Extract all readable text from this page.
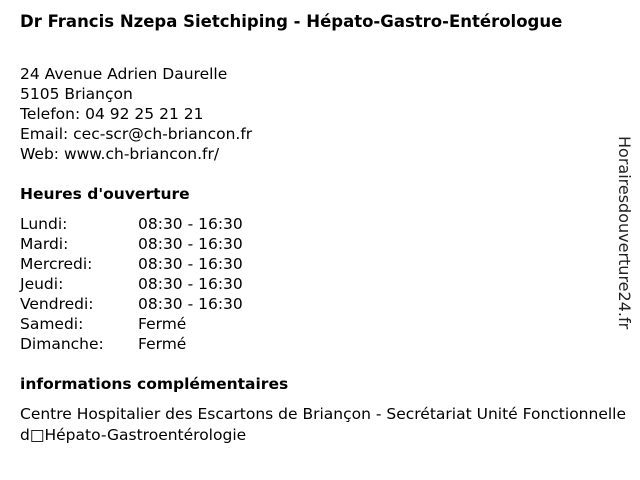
Dr Francis Nzepa Sietchiping - Hépato-Gastro-Entérologue
24 Avenue Adrien Daurelle
5105 Briançon
Telefon: 04 92 25 21 21
Email: cec-scr@ch-briancon.fr
Web: www.ch-briancon.fr/
Heures d'ouverture
Lundi:	08:30 - 16:30
Mardi:	08:30 - 16:30
Mercredi:	08:30 - 16:30
Jeudi:	08:30 - 16:30
Vendredi:	08:30 - 16:30
Samedi:	Fermé
Dimanche: Fermé
informations complémentaires
Centre Hospitalier des Escartons de Briançon - Secrétariat Unité Fonctionnelle d□Hépato-Gastroentérologie
Horairesdouverture24.fr
